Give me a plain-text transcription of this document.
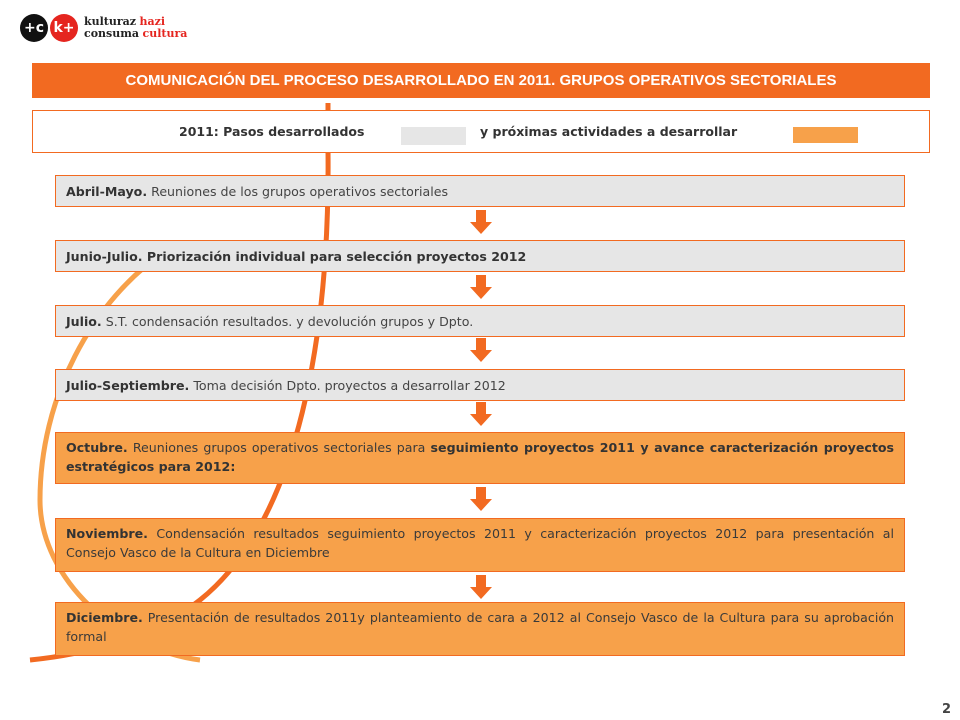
+c k+ kulturaz hazi
consuma cultura
COMUNICACIÓN DEL PROCESO DESARROLLADO EN 2011. GRUPOS OPERATIVOS SECTORIALES
2011: Pasos desarrollados	y próximas actividades a desarrollar
Abril-Mayo. Reuniones de los grupos operativos sectoriales
Junio-Julio. Priorización individual para selección proyectos 2012
Julio. S.T. condensación resultados. y devolución grupos y Dpto.
Julio-Septiembre. Toma decisión Dpto. proyectos a desarrollar 2012
Octubre. Reuniones grupos operativos sectoriales para seguimiento proyectos 2011 y avance caracterización proyectos estratégicos para 2012:
Noviembre. Condensación resultados seguimiento proyectos 2011 y caracterización proyectos 2012 para presentación al Consejo Vasco de la Cultura en Diciembre
Diciembre. Presentación de resultados 2011y planteamiento de cara a 2012 al Consejo Vasco de la Cultura para su aprobación formal
2
